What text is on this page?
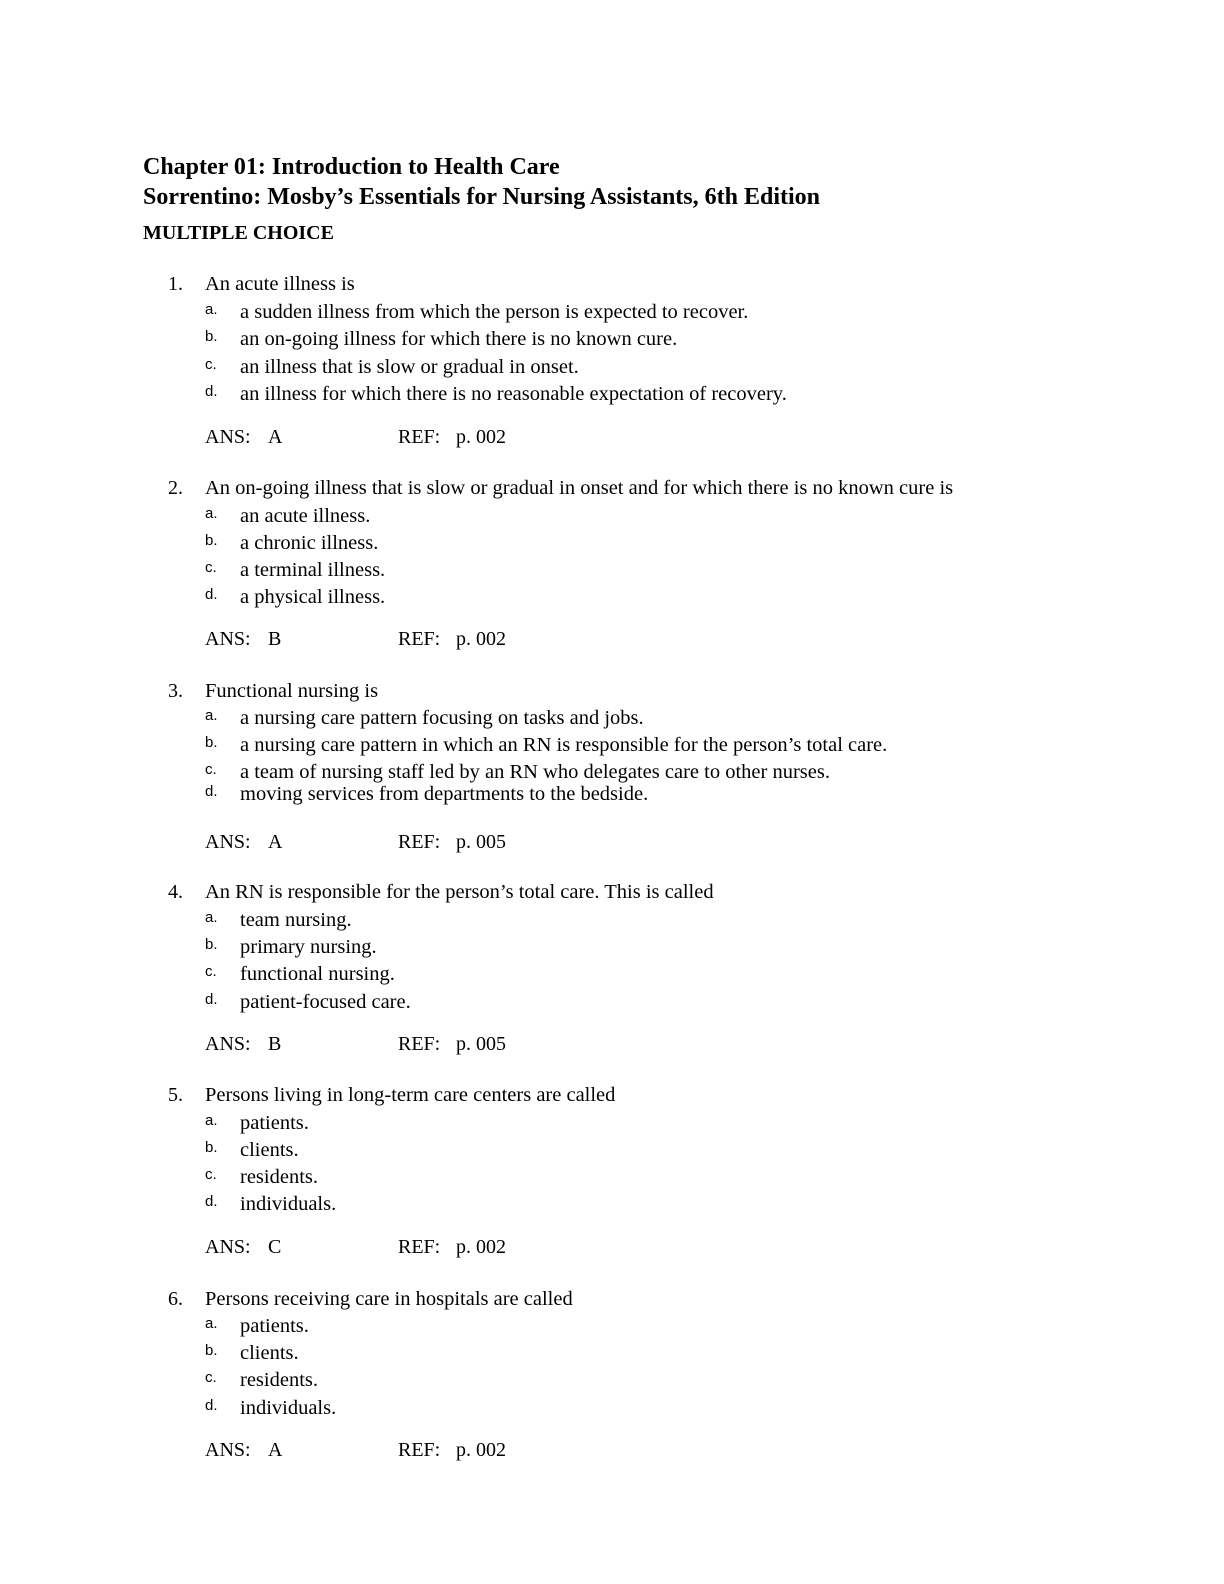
Chapter 01: Introduction to Health Care
Sorrentino: Mosby’s Essentials for Nursing Assistants, 6th Edition
MULTIPLE CHOICE
1. An acute illness is
a. a sudden illness from which the person is expected to recover.
b. an on-going illness for which there is no known cure.
c. an illness that is slow or gradual in onset.
d. an illness for which there is no reasonable expectation of recovery.
ANS: A	REF: p. 002
2. An on-going illness that is slow or gradual in onset and for which there is no known cure is
a. an acute illness.
b. a chronic illness.
c. a terminal illness.
d. a physical illness.
ANS: B	REF: p. 002
3. Functional nursing is
a. a nursing care pattern focusing on tasks and jobs.
b. a nursing care pattern in which an RN is responsible for the person’s total care.
c. a team of nursing staff led by an RN who delegates care to other nurses.
d. moving services from departments to the bedside.
ANS: A	REF: p. 005
4. An RN is responsible for the person’s total care. This is called
a. team nursing.
b. primary nursing.
c. functional nursing.
d. patient-focused care.
ANS: B	REF: p. 005
5. Persons living in long-term care centers are called
a. patients.
b. clients.
c. residents.
d. individuals.
ANS: C	REF: p. 002
6. Persons receiving care in hospitals are called
a. patients.
b. clients.
c. residents.
d. individuals.
ANS: A	REF: p. 002
